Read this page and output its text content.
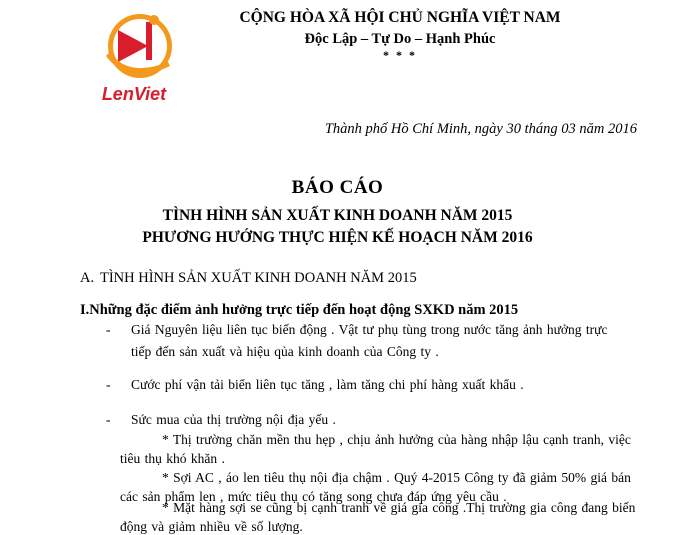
LenViet
CỘNG HÒA XÃ HỘI CHỦ NGHĨA VIỆT NAM
Độc Lập – Tự Do – Hạnh Phúc
* * *
Thành phố Hồ Chí Minh, ngày 30 tháng 03 năm 2016
BÁO CÁO
TÌNH HÌNH SẢN XUẤT KINH DOANH NĂM 2015
PHƯƠNG HƯỚNG THỰC HIỆN KẾ HOẠCH NĂM 2016
A. TÌNH HÌNH SẢN XUẤT KINH DOANH NĂM 2015
I.Những đặc điểm ảnh hưởng trực tiếp đến hoạt động SXKD năm 2015
- Giá Nguyên liệu liên tục biến động . Vật tư phụ tùng trong nước tăng ảnh hưởng trực
tiếp đến sản xuất và hiệu qủa kinh doanh của Công ty .
- Cước phí vận tải biển liên tục tăng , làm tăng chi phí hàng xuất khẩu .
- Sức mua của thị trường nội địa yếu .
* Thị trường chăn mền thu hẹp , chịu ảnh hưởng của hàng nhập lậu cạnh tranh, việc
tiêu thụ khó khăn .
* Sợi AC , áo len tiêu thụ nội địa chậm . Quý 4-2015 Công ty đã giảm 50% giá bán
các sản phẩm len , mức tiêu thụ có tăng song chưa đáp ứng yêu cầu .
* Mặt hàng sợi se cũng bị cạnh tranh về giá gia công .Thị trường gia công đang biến
động và giảm nhiều về số lượng.
